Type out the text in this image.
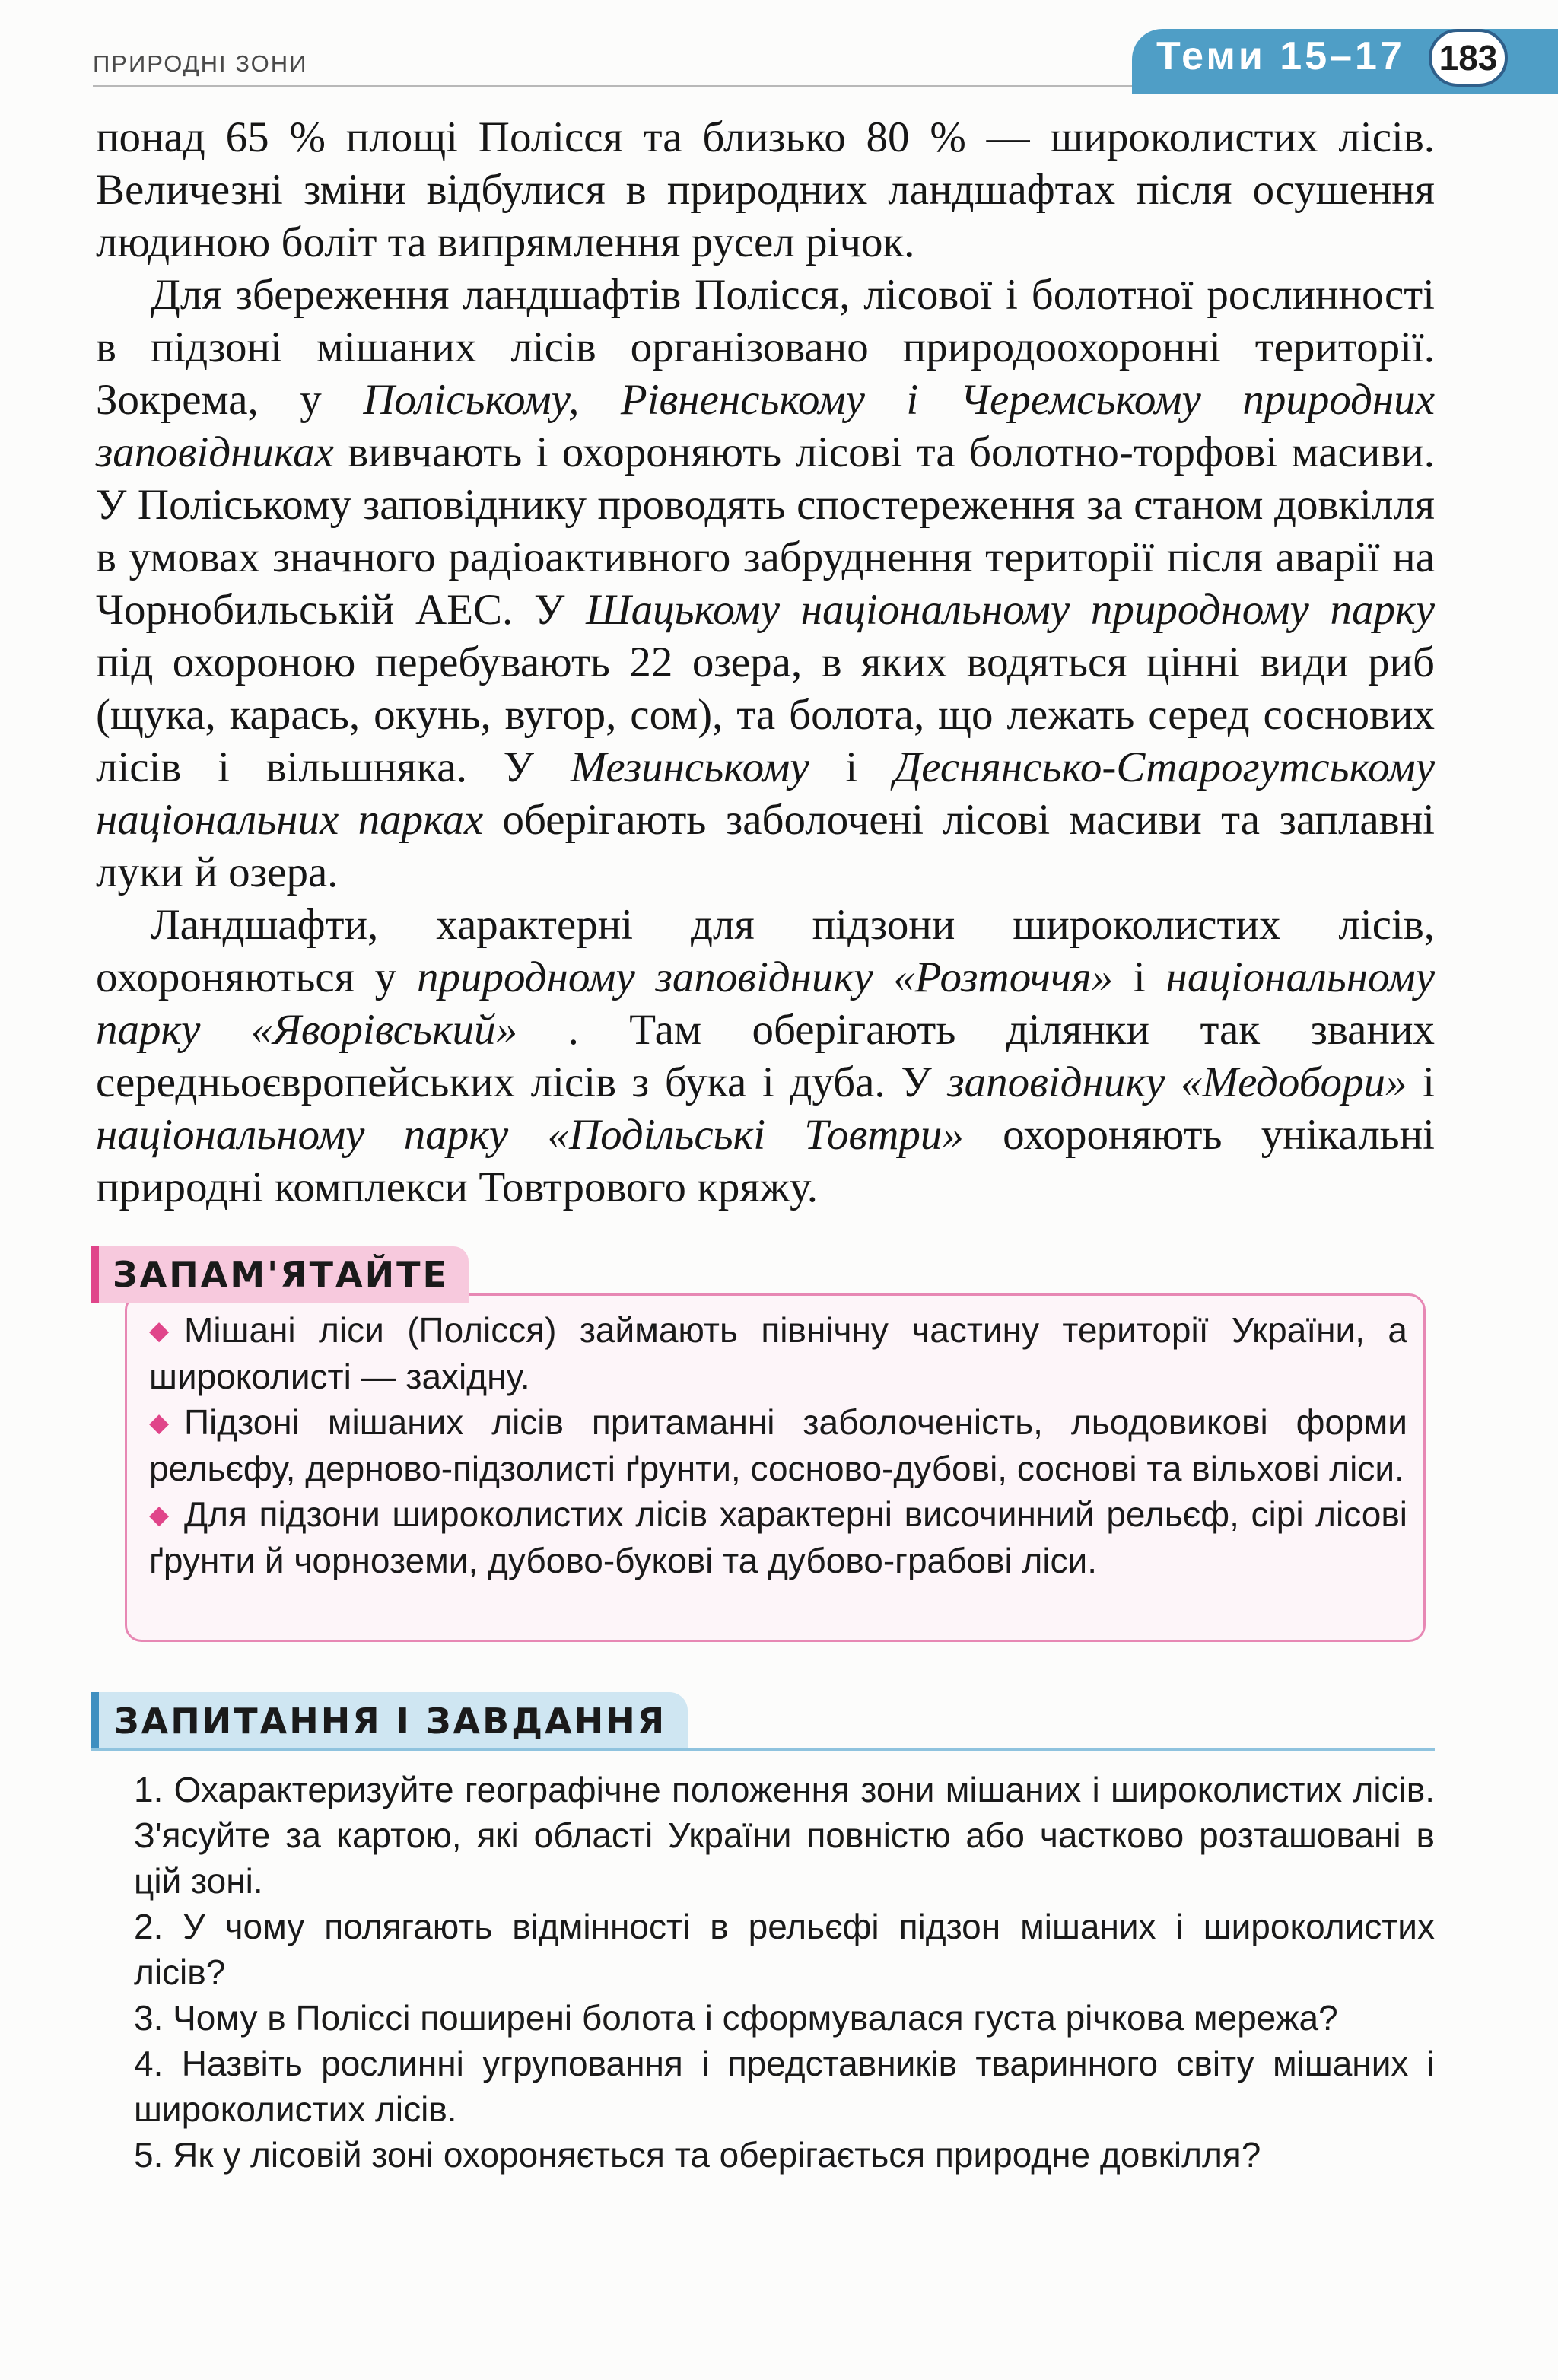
ПРИРОДНІ ЗОНИ	Теми 15–17 183

понад 65 % площі Полісся та близько 80 % — широколистих лісів. Величезні зміни відбулися в природних ландшафтах після осушення людиною боліт та випрямлення русел річок.

Для збереження ландшафтів Полісся, лісової і болотної рослинності в підзоні мішаних лісів організовано природоохоронні території. Зокрема, у Поліському, Рівненському і Черемському природних заповідниках вивчають і охороняють лісові та болотно-торфові масиви. У Поліському заповіднику проводять спостереження за станом довкілля в умовах значного радіоактивного забруднення території після аварії на Чорнобильській АЕС. У Шацькому національному природному парку під охороною перебувають 22 озера, в яких водяться цінні види риб (щука, карась, окунь, вугор, сом), та болота, що лежать серед соснових лісів і вільшняка. У Мезинському і Деснянсько-Старогутському національних парках оберігають заболочені лісові масиви та заплавні луки й озера.

Ландшафти, характерні для підзони широколистих лісів, охороняються у природному заповіднику «Розточчя» і національному парку «Яворівський» . Там оберігають ділянки так званих середньоєвропейських лісів з бука і дуба. У заповіднику «Медобори» і національному парку «Подільські Товтри» охороняють унікальні природні комплекси Товтрового кряжу.

ЗАПАМ'ЯТАЙТЕ
◆ Мішані ліси (Полісся) займають північну частину території України, а широколисті — західну.
◆ Підзоні мішаних лісів притаманні заболоченість, льодовикові форми рельєфу, дерново-підзолисті ґрунти, сосново-дубові, соснові та вільхові ліси.
◆ Для підзони широколистих лісів характерні височинний рельєф, сірі лісові ґрунти й чорноземи, дубово-букові та дубово-грабові ліси.
ЗАПИТАННЯ І ЗАВДАННЯ
1. Охарактеризуйте географічне положення зони мішаних і широколистих лісів. З'ясуйте за картою, які області України повністю або частково розташовані в цій зоні.
2. У чому полягають відмінності в рельєфі підзон мішаних і широколистих лісів?
3. Чому в Поліссі поширені болота і сформувалася густа річкова мережа?
4. Назвіть рослинні угруповання і представників тваринного світу мішаних і широколистих лісів.
5. Як у лісовій зоні охороняється та оберігається природне довкілля?
